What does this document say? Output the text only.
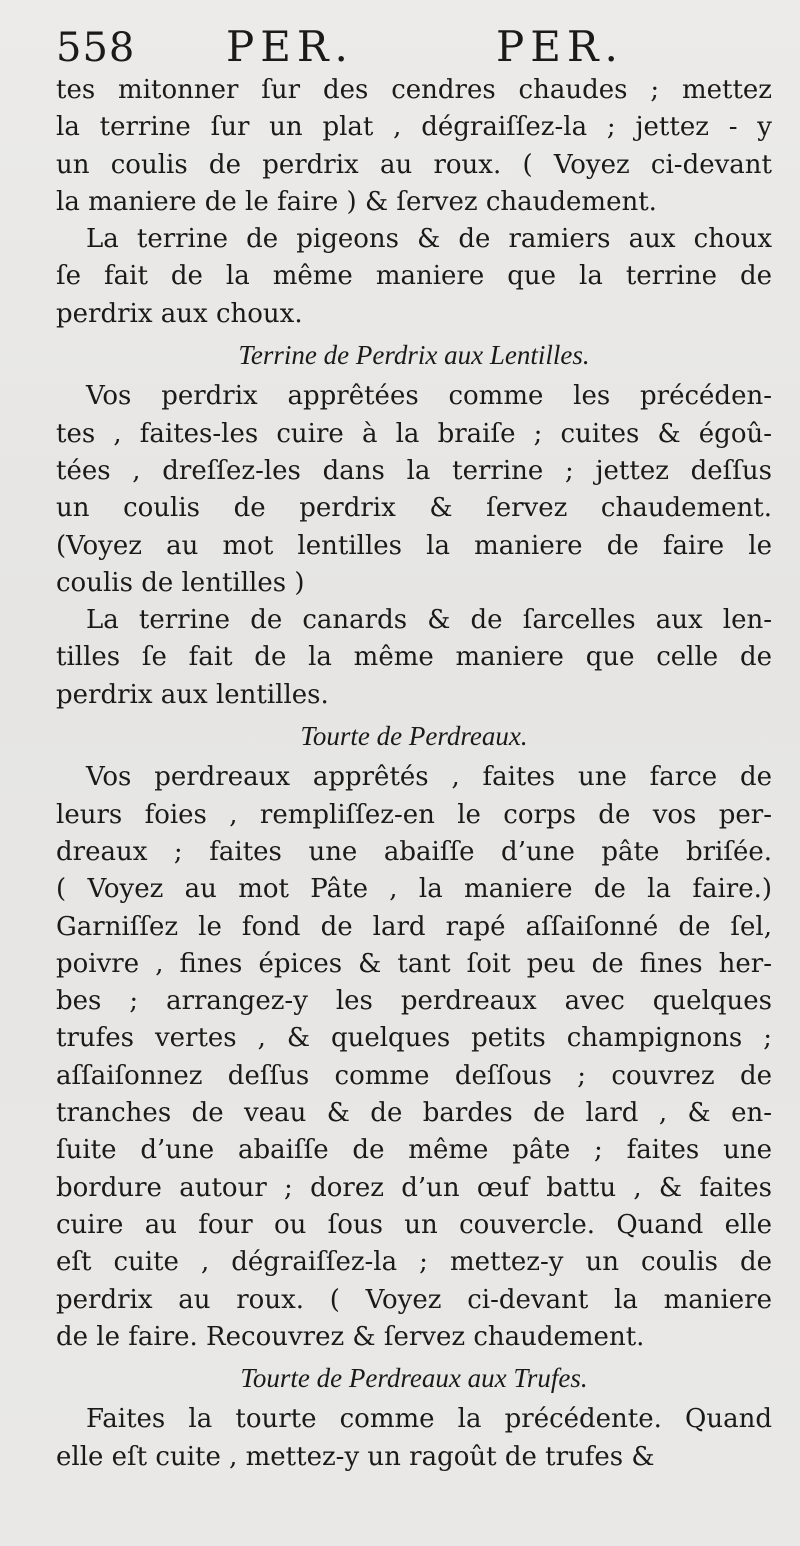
558 PER.	PER.
tes mitonner ſur des cendres chaudes ; mettez
la terrine ſur un plat , dégraiſſez-la ; jettez - y
un coulis de perdrix au roux. ( Voyez ci-devant
la maniere de le faire ) & ſervez chaudement.
La terrine de pigeons & de ramiers aux choux
ſe fait de la même maniere que la terrine de
perdrix aux choux.
Terrine de Perdrix aux Lentilles.
Vos perdrix apprêtées comme les précéden-
tes , faites-les cuire à la braiſe ; cuites & égoû-
tées , dreſſez-les dans la terrine ; jettez deſſus
un coulis de perdrix & ſervez chaudement.
(Voyez au mot lentilles la maniere de faire le
coulis de lentilles )
La terrine de canards & de ſarcelles aux len-
tilles ſe fait de la même maniere que celle de
perdrix aux lentilles.
Tourte de Perdreaux.
Vos perdreaux apprêtés , faites une farce de
leurs foies , rempliſſez-en le corps de vos per-
dreaux ; faites une abaiſſe d’une pâte briſée.
( Voyez au mot Pâte , la maniere de la faire.)
Garniſſez le fond de lard rapé aſſaiſonné de ſel,
poivre , fines épices & tant ſoit peu de fines her-
bes ; arrangez-y les perdreaux avec quelques
trufes vertes , & quelques petits champignons ;
aſſaiſonnez deſſus comme deſſous ; couvrez de
tranches de veau & de bardes de lard , & en-
ſuite d’une abaiſſe de même pâte ; faites une
bordure autour ; dorez d’un œuf battu , & faites
cuire au four ou ſous un couvercle. Quand elle
eſt cuite , dégraiſſez-la ; mettez-y un coulis de
perdrix au roux. ( Voyez ci-devant la maniere
de le faire. Recouvrez & ſervez chaudement.
Tourte de Perdreaux aux Trufes.
Faites la tourte comme la précédente. Quand
elle eſt cuite , mettez-y un ragoût de trufes &
